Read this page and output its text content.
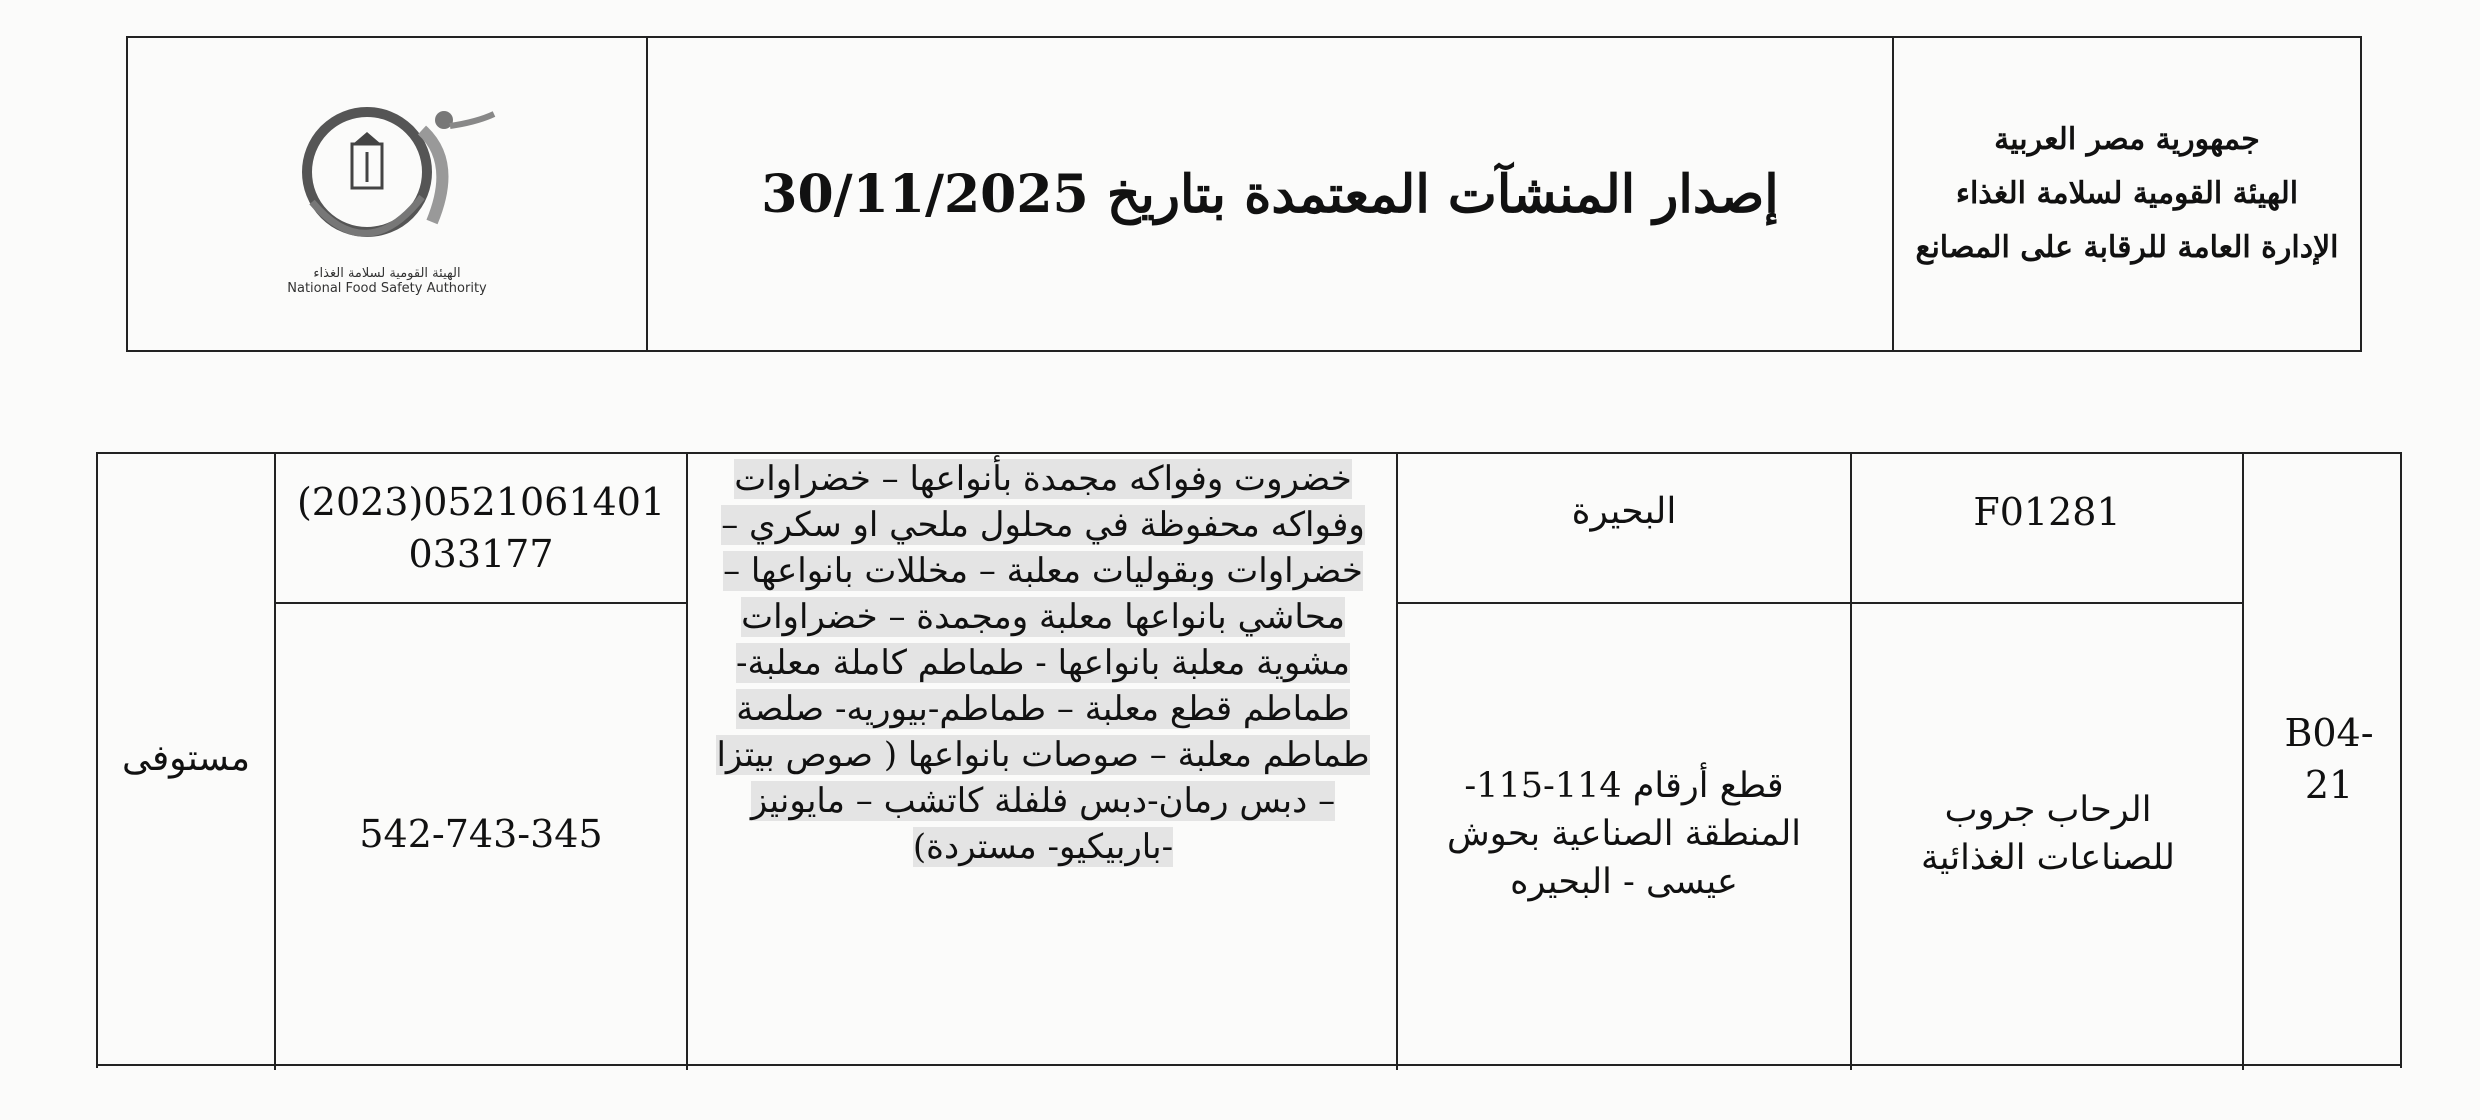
الهيئة القومية لسلامة الغذاء
National Food Safety Authority
إصدار المنشآت المعتمدة بتاريخ 30/11/2025
جمهورية مصر العربية
الهيئة القومية لسلامة الغذاء
الإدارة العامة للرقابة على المصانع
مستوفى
(2023)0521061401
033177
542-743-345
خضروت وفواكه مجمدة بأنواعها – خضراوات وفواكه محفوظة في محلول ملحي او سكري – خضراوات وبقوليات معلبة – مخللات بانواعها – محاشي بانواعها معلبة ومجمدة – خضراوات مشوية معلبة بانواعها - طماطم كاملة معلبة-طماطم قطع معلبة – طماطم-بيوريه- صلصة طماطم معلبة – صوصات بانواعها ( صوص بيتزا – دبس رمان-دبس فلفلة كاتشب – مايونيز -باربيكيو- مستردة)
البحيرة
قطع أرقام 114-115- المنطقة الصناعية بحوش عيسى - البحيره
F01281
الرحاب جروب للصناعات الغذائية
B04-21
